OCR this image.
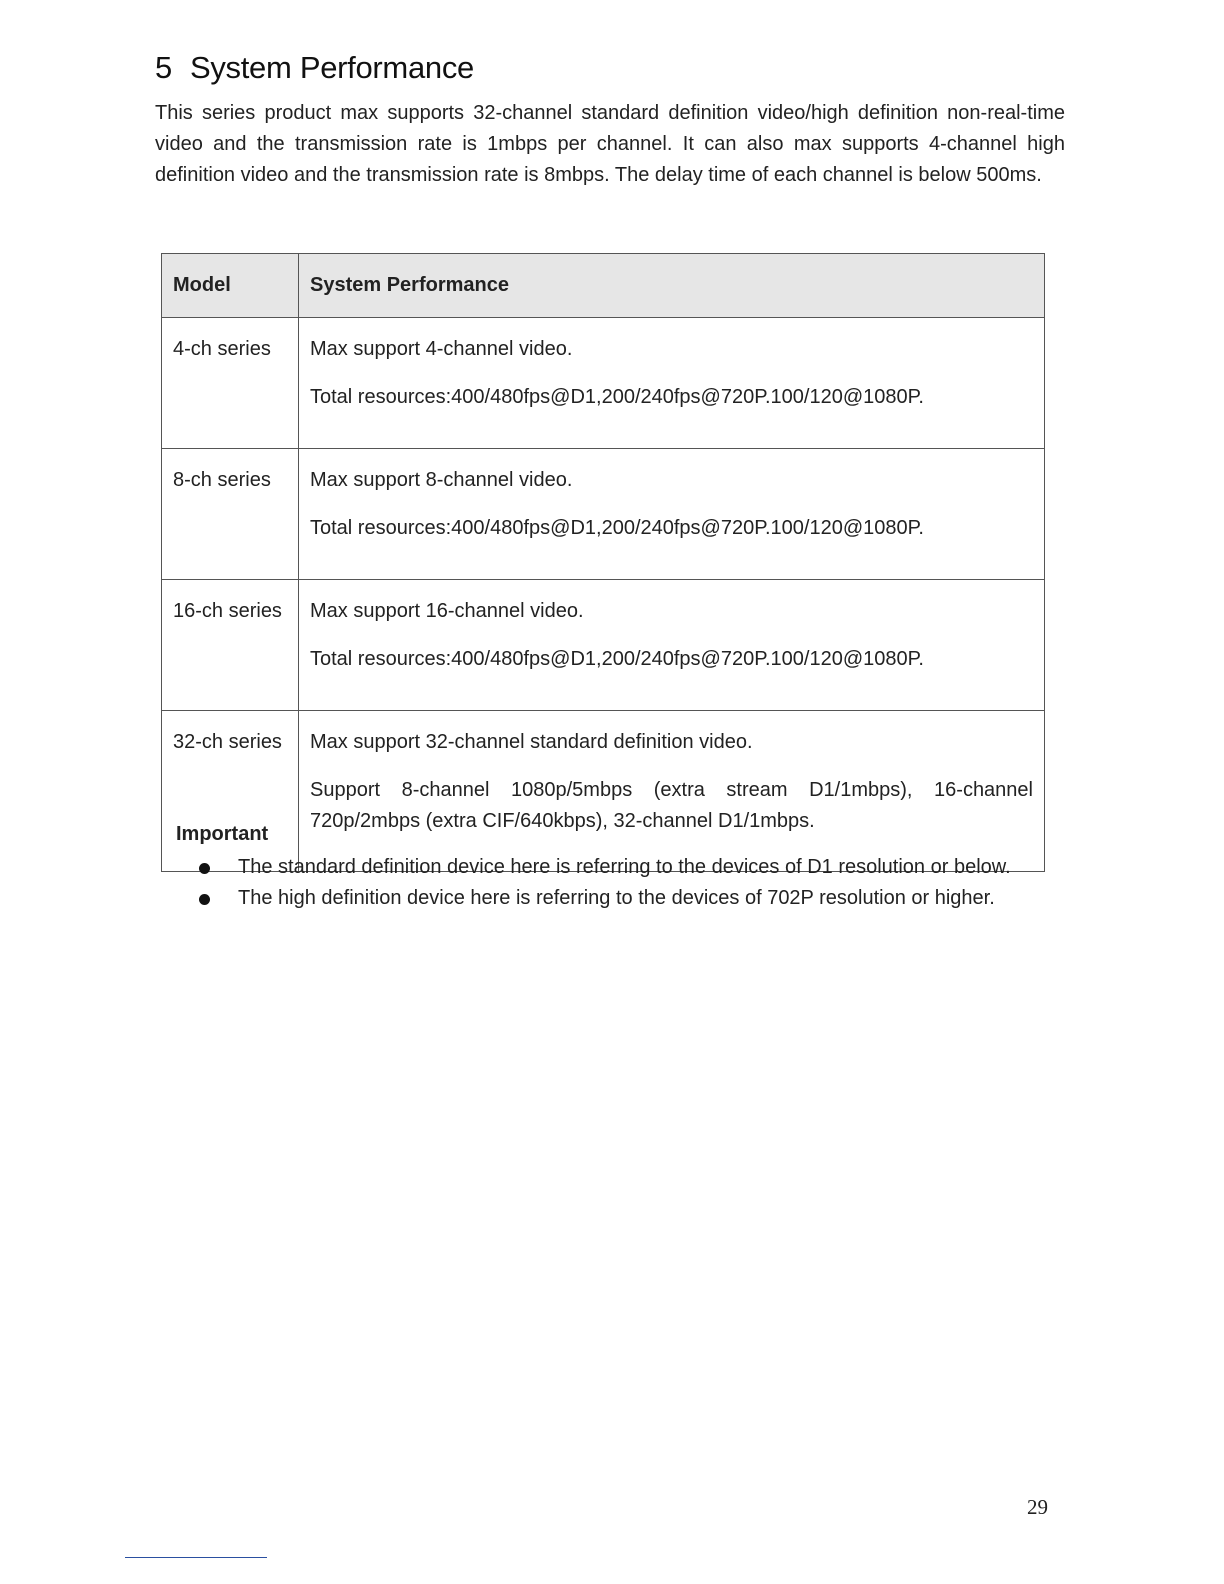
5 System Performance

This series product max supports 32-channel standard definition video/high definition non-real-time video and the transmission rate is 1mbps per channel. It can also max supports 4-channel high definition video and the transmission rate is 8mbps. The delay time of each channel is below 500ms.

Model	System Performance
4-ch series	Max support 4-channel video.

Total resources:400/480fps@D1,200/240fps@720P.100/120@1080P.

8-ch series	Max support 8-channel video.

Total resources:400/480fps@D1,200/240fps@720P.100/120@1080P.

16-ch series	Max support 16-channel video.

Total resources:400/480fps@D1,200/240fps@720P.100/120@1080P.

32-ch series	Max support 32-channel standard definition video.

Support 8-channel 1080p/5mbps (extra stream D1/1mbps), 16-channel 720p/2mbps (extra CIF/640kbps), 32-channel D1/1mbps.

Important
The standard definition device here is referring to the devices of D1 resolution or below.
The high definition device here is referring to the devices of 702P resolution or higher.

29
